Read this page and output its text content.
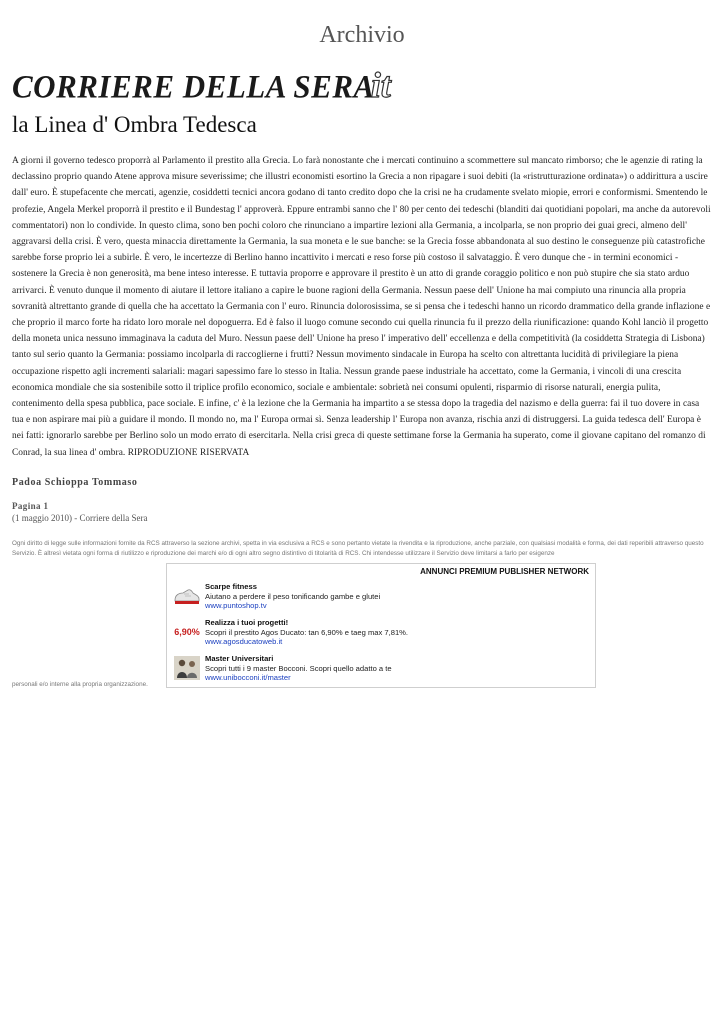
Archivio
CORRIERE DELLA SERA
it
la Linea d' Ombra Tedesca

A giorni il governo tedesco proporrà al Parlamento il prestito alla Grecia. Lo farà nonostante che i mercati continuino a scommettere sul mancato rimborso; che le agenzie di rating la declassino proprio quando Atene approva misure severissime; che illustri economisti esortino la Grecia a non ripagare i suoi debiti (la «ristrutturazione ordinata») o addirittura a uscire dall' euro. È stupefacente che mercati, agenzie, cosiddetti tecnici ancora godano di tanto credito dopo che la crisi ne ha crudamente svelato miopie, errori e conformismi. Smentendo le profezie, Angela Merkel proporrà il prestito e il Bundestag l' approverà. Eppure entrambi sanno che l' 80 per cento dei tedeschi (blanditi dai quotidiani popolari, ma anche da autorevoli commentatori) non lo condivide. In questo clima, sono ben pochi coloro che rinunciano a impartire lezioni alla Germania, a incolparla, se non proprio dei guai greci, almeno dell' aggravarsi della crisi. È vero, questa minaccia direttamente la Germania, la sua moneta e le sue banche: se la Grecia fosse abbandonata al suo destino le conseguenze più catastrofiche sarebbe forse proprio lei a subirle. È vero, le incertezze di Berlino hanno incattivito i mercati e reso forse più costoso il salvataggio. È vero dunque che - in termini economici - sostenere la Grecia è non generosità, ma bene inteso interesse. E tuttavia proporre e approvare il prestito è un atto di grande coraggio politico e non può stupire che sia stato arduo arrivarci. È venuto dunque il momento di aiutare il lettore italiano a capire le buone ragioni della Germania. Nessun paese dell' Unione ha mai compiuto una rinuncia alla propria sovranità altrettanto grande di quella che ha accettato la Germania con l' euro. Rinuncia dolorosissima, se si pensa che i tedeschi hanno un ricordo drammatico della grande inflazione e che proprio il marco forte ha ridato loro morale nel dopoguerra. Ed è falso il luogo comune secondo cui quella rinuncia fu il prezzo della riunificazione: quando Kohl lanciò il progetto della moneta unica nessuno immaginava la caduta del Muro. Nessun paese dell' Unione ha preso l' imperativo dell' eccellenza e della competitività (la cosiddetta Strategia di Lisbona) tanto sul serio quanto la Germania: possiamo incolparla di raccoglierne i frutti? Nessun movimento sindacale in Europa ha scelto con altrettanta lucidità di privilegiare la piena occupazione rispetto agli incrementi salariali: magari sapessimo fare lo stesso in Italia. Nessun grande paese industriale ha accettato, come la Germania, i vincoli di una crescita economica mondiale che sia sostenibile sotto il triplice profilo economico, sociale e ambientale: sobrietà nei consumi opulenti, risparmio di risorse naturali, energia pulita, contenimento della spesa pubblica, pace sociale. E infine, c' è la lezione che la Germania ha impartito a se stessa dopo la tragedia del nazismo e della guerra: fai il tuo dovere in casa tua e non aspirare mai più a guidare il mondo. Il mondo no, ma l' Europa ormai sì. Senza leadership l' Europa non avanza, rischia anzi di distruggersi. La guida tedesca dell' Europa è nei fatti: ignorarlo sarebbe per Berlino solo un modo errato di esercitarla. Nella crisi greca di queste settimane forse la Germania ha superato, come il giovane capitano del romanzo di Conrad, la sua linea d' ombra. RIPRODUZIONE RISERVATA

Padoa Schioppa Tommaso
Pagina 1
(1 maggio 2010) - Corriere della Sera

Ogni diritto di legge sulle informazioni fornite da RCS attraverso la sezione archivi, spetta in via esclusiva a RCS e sono pertanto vietate la rivendita e la riproduzione, anche parziale, con qualsiasi modalità e forma, dei dati reperibili attraverso questo Servizio. È altresì vietata ogni forma di riutilizzo e riproduzione dei marchi e/o di ogni altro segno distintivo di titolarità di RCS. Chi intendesse utilizzare il Servizio deve limitarsi a farlo per esigenze

ANNUNCI PREMIUM PUBLISHER NETWORK
Scarpe fitness
Aiutano a perdere il peso tonificando gambe e glutei
www.puntoshop.tv
6,90%
Realizza i tuoi progetti!
Scopri il prestito Agos Ducato: tan 6,90% e taeg max 7,81%.
www.agosducatoweb.it
Master Universitari
Scopri tutti i 9 master Bocconi. Scopri quello adatto a te
www.unibocconi.it/master
personali e/o interne alla propria organizzazione.
